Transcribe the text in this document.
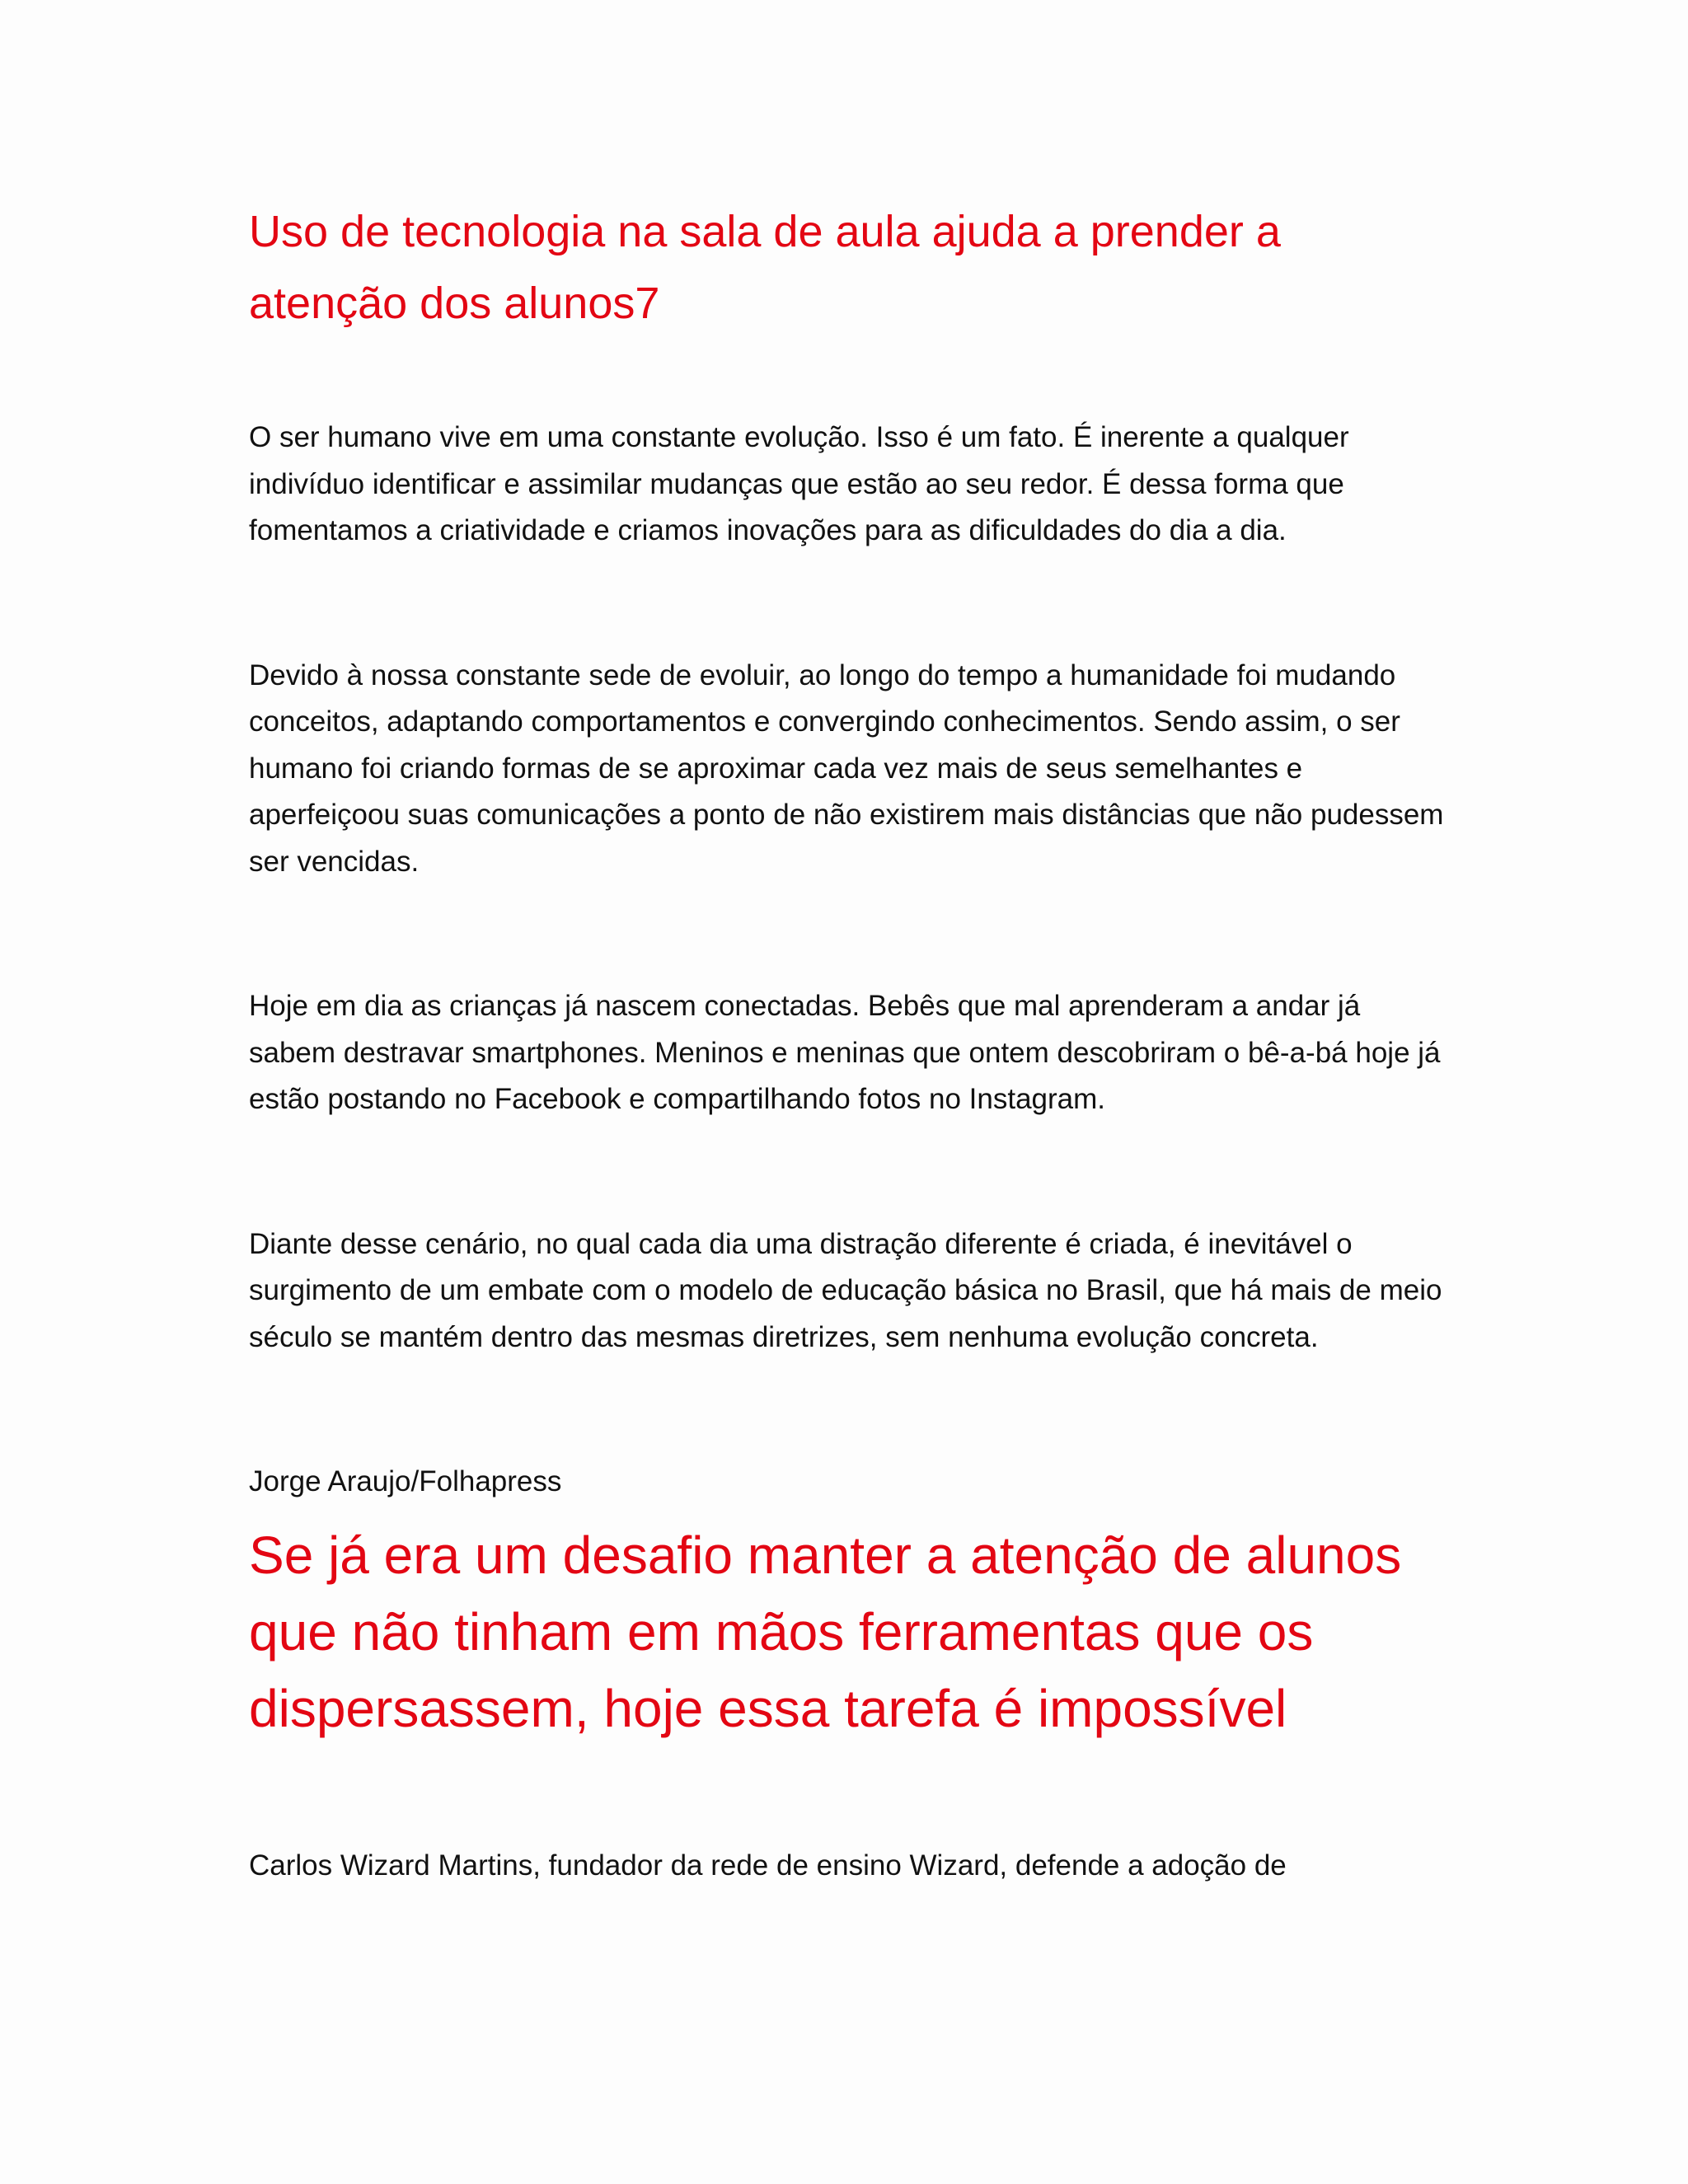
Uso de tecnologia na sala de aula ajuda a prender a atenção dos alunos7

O ser humano vive em uma constante evolução. Isso é um fato. É inerente a qualquer indivíduo identificar e assimilar mudanças que estão ao seu redor. É dessa forma que fomentamos a criatividade e criamos inovações para as dificuldades do dia a dia.

Devido à nossa constante sede de evoluir, ao longo do tempo a humanidade foi mudando conceitos, adaptando comportamentos e convergindo conhecimentos. Sendo assim, o ser humano foi criando formas de se aproximar cada vez mais de seus semelhantes e aperfeiçoou suas comunicações a ponto de não existirem mais distâncias que não pudessem ser vencidas.

Hoje em dia as crianças já nascem conectadas. Bebês que mal aprenderam a andar já sabem destravar smartphones. Meninos e meninas que ontem descobriram o bê-a-bá hoje já estão postando no Facebook e compartilhando fotos no Instagram.

Diante desse cenário, no qual cada dia uma distração diferente é criada, é inevitável o surgimento de um embate com o modelo de educação básica no Brasil, que há mais de meio século se mantém dentro das mesmas diretrizes, sem nenhuma evolução concreta.

Jorge Araujo/Folhapress

Se já era um desafio manter a atenção de alunos que não tinham em mãos ferramentas que os dispersassem, hoje essa tarefa é impossível

Carlos Wizard Martins, fundador da rede de ensino Wizard, defende a adoção de
